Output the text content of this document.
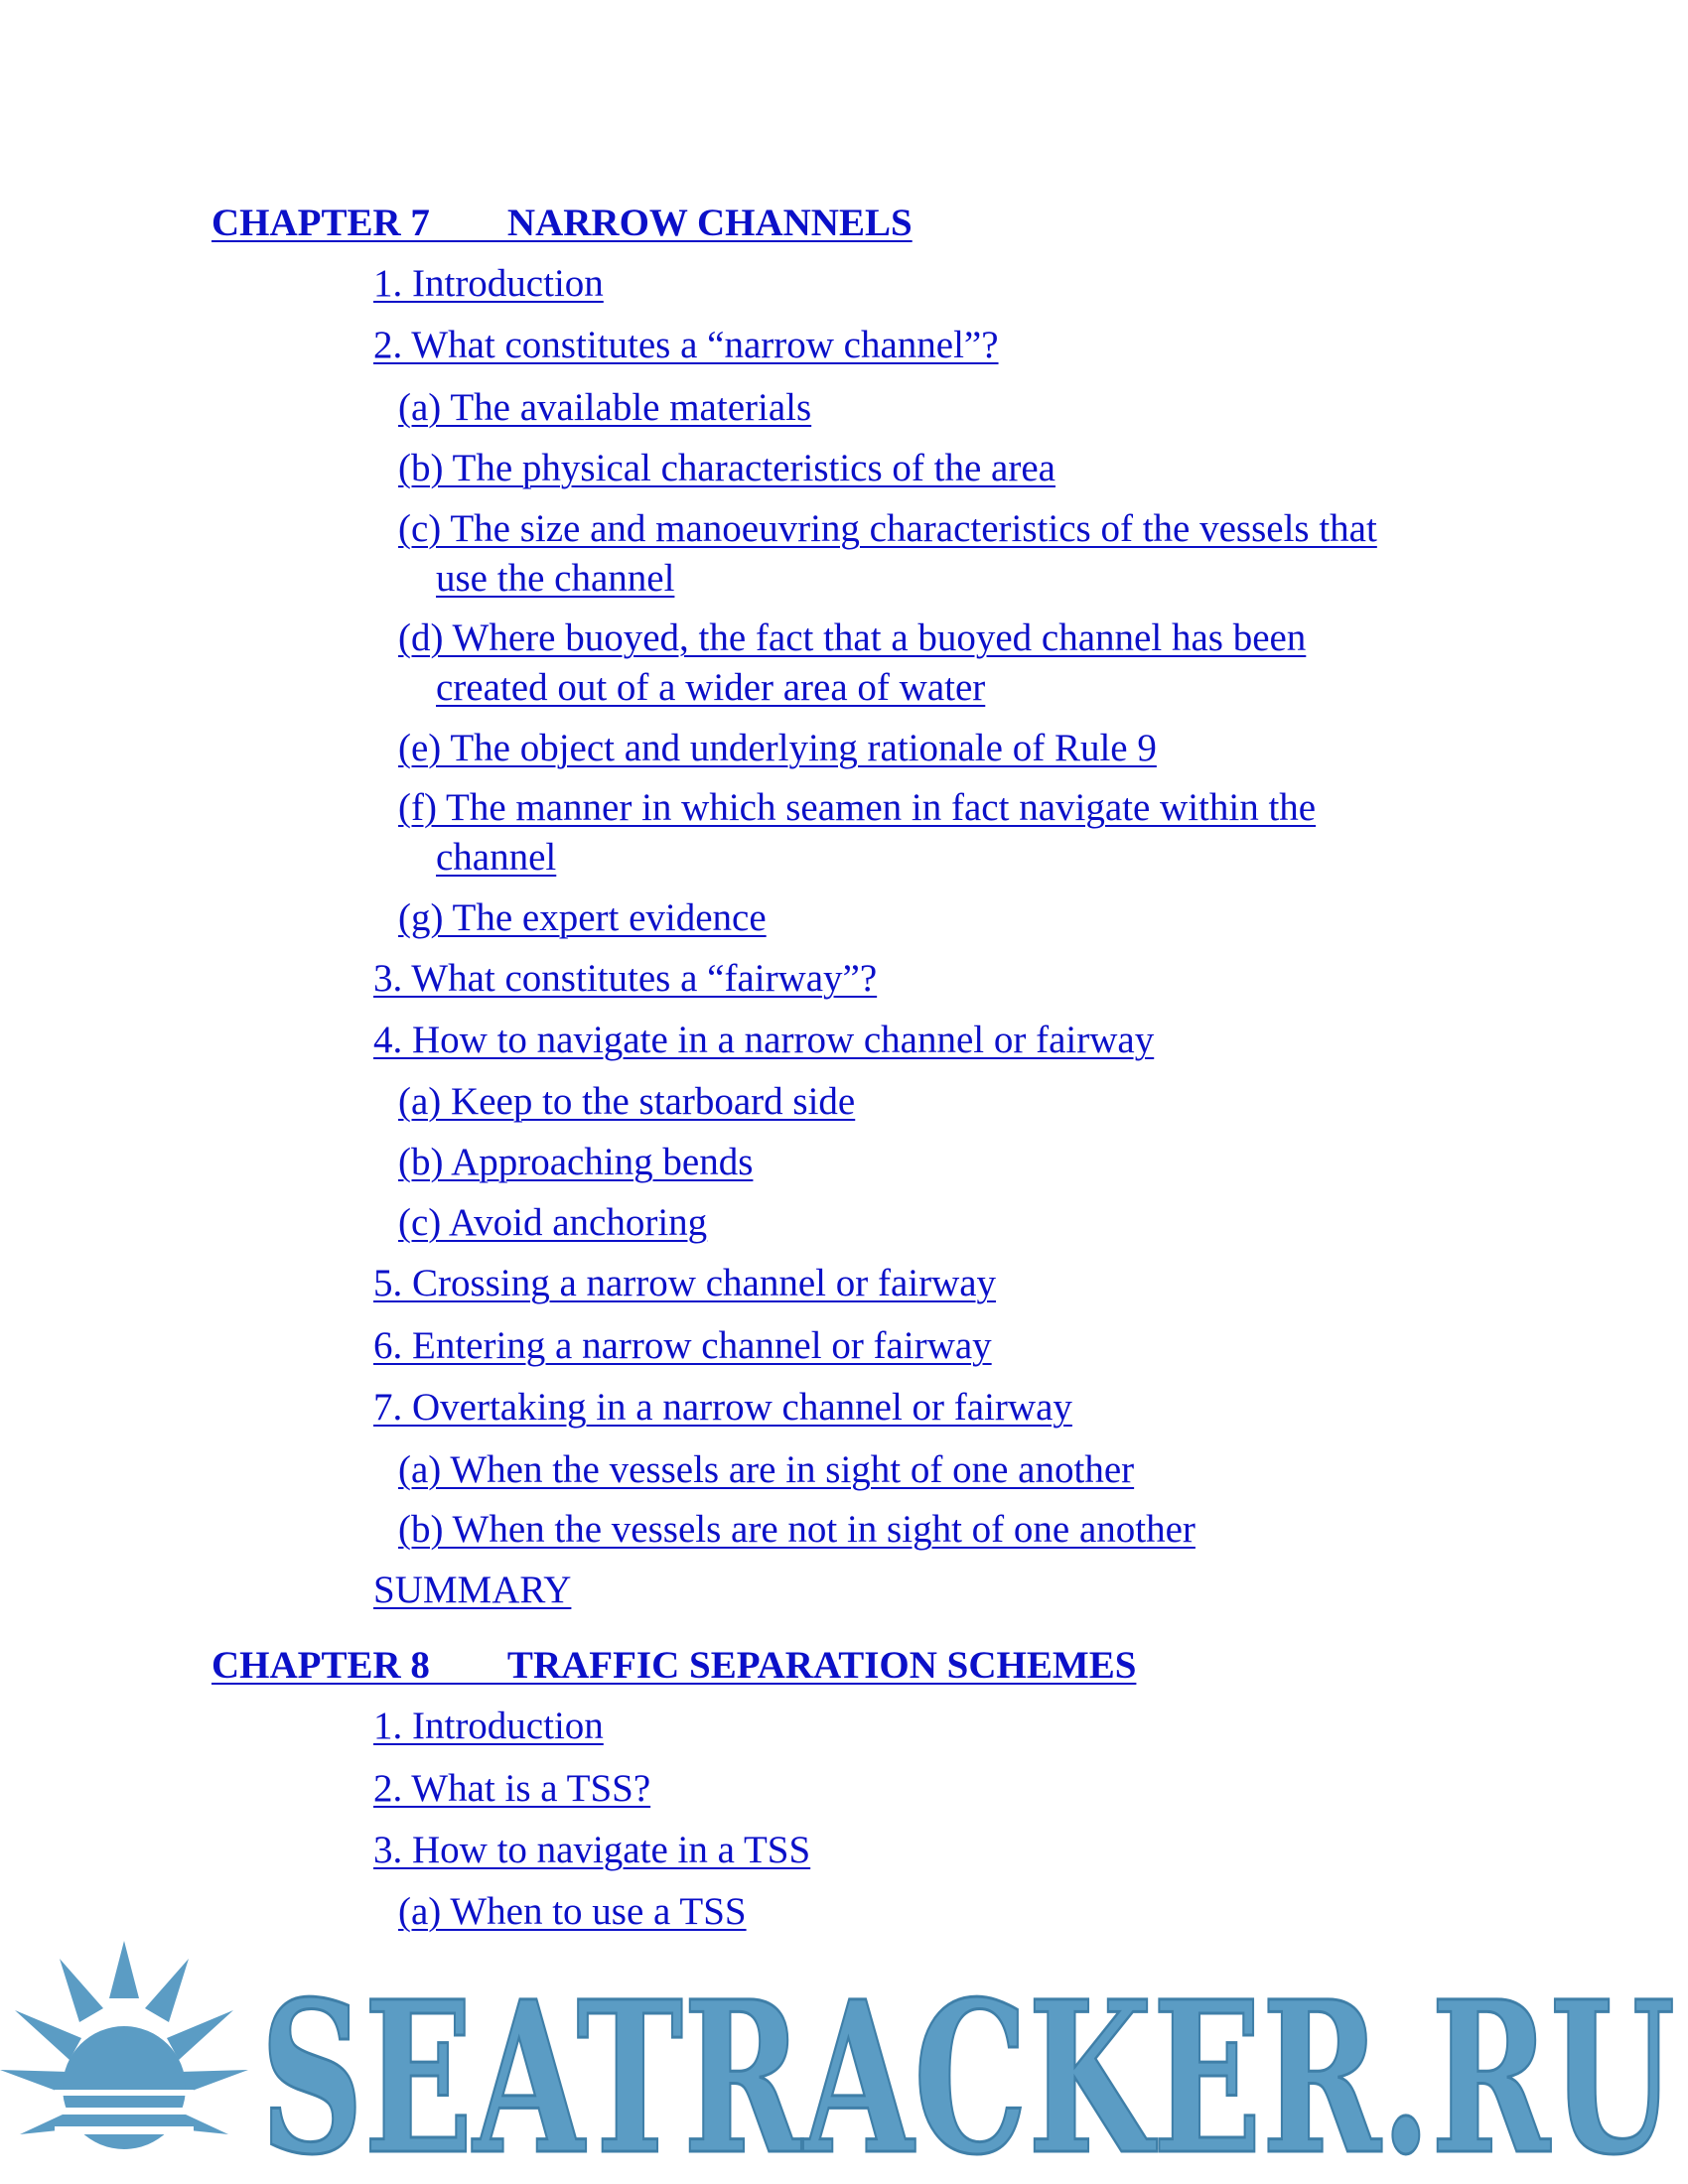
CHAPTER 7  NARROW CHANNELS
1. Introduction
2. What constitutes a “narrow channel”?
(a) The available materials
(b) The physical characteristics of the area
(c) The size and manoeuvring characteristics of the vessels that
use the channel
(d) Where buoyed, the fact that a buoyed channel has been
created out of a wider area of water
(e) The object and underlying rationale of Rule 9
(f) The manner in which seamen in fact navigate within the
channel
(g) The expert evidence
3. What constitutes a “fairway”?
4. How to navigate in a narrow channel or fairway
(a) Keep to the starboard side
(b) Approaching bends
(c) Avoid anchoring
5. Crossing a narrow channel or fairway
6. Entering a narrow channel or fairway
7. Overtaking in a narrow channel or fairway
(a) When the vessels are in sight of one another
(b) When the vessels are not in sight of one another
SUMMARY
CHAPTER 8  TRAFFIC SEPARATION SCHEMES
1. Introduction
2. What is a TSS?
3. How to navigate in a TSS
(a) When to use a TSS
SEATRACKER.RU
